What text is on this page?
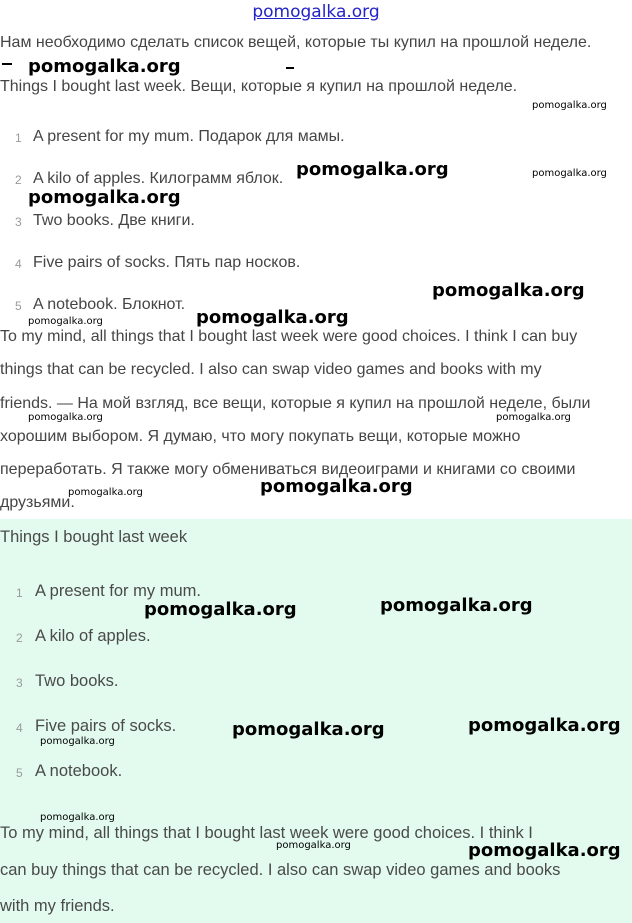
pomogalka.org
Нам необходимо сделать список вещей, которые ты купил на прошлой неделе.
Things I bought last week. Вещи, которые я купил на прошлой неделе.
1 A present for my mum. Подарок для мамы.
2 A kilo of apples. Килограмм яблок.
3 Two books. Две книги.
4 Five pairs of socks. Пять пар носков.
5 A notebook. Блокнот.
To my mind, all things that I bought last week were good choices. I think I can buy
things that can be recycled. I also can swap video games and books with my
friends. — На мой взгляд, все вещи, которые я купил на прошлой неделе, были
хорошим выбором. Я думаю, что могу покупать вещи, которые можно
переработать. Я также могу обмениваться видеоиграми и книгами со своими
друзьями.
Things I bought last week
1 A present for my mum.
2 A kilo of apples.
3 Two books.
4 Five pairs of socks.
5 A notebook.
To my mind, all things that I bought last week were good choices. I think I
can buy things that can be recycled. I also can swap video games and books
with my friends.
pomogalka.org
pomogalka.org
pomogalka.org	pomogalka.org
pomogalka.org
pomogalka.org
pomogalka.org
pomogalka.org
pomogalka.org	pomogalka.org
pomogalka.org
pomogalka.org
pomogalka.org
pomogalka.org
pomogalka.org
pomogalka.org
pomogalka.org
pomogalka.org
pomogalka.org	pomogalka.org
